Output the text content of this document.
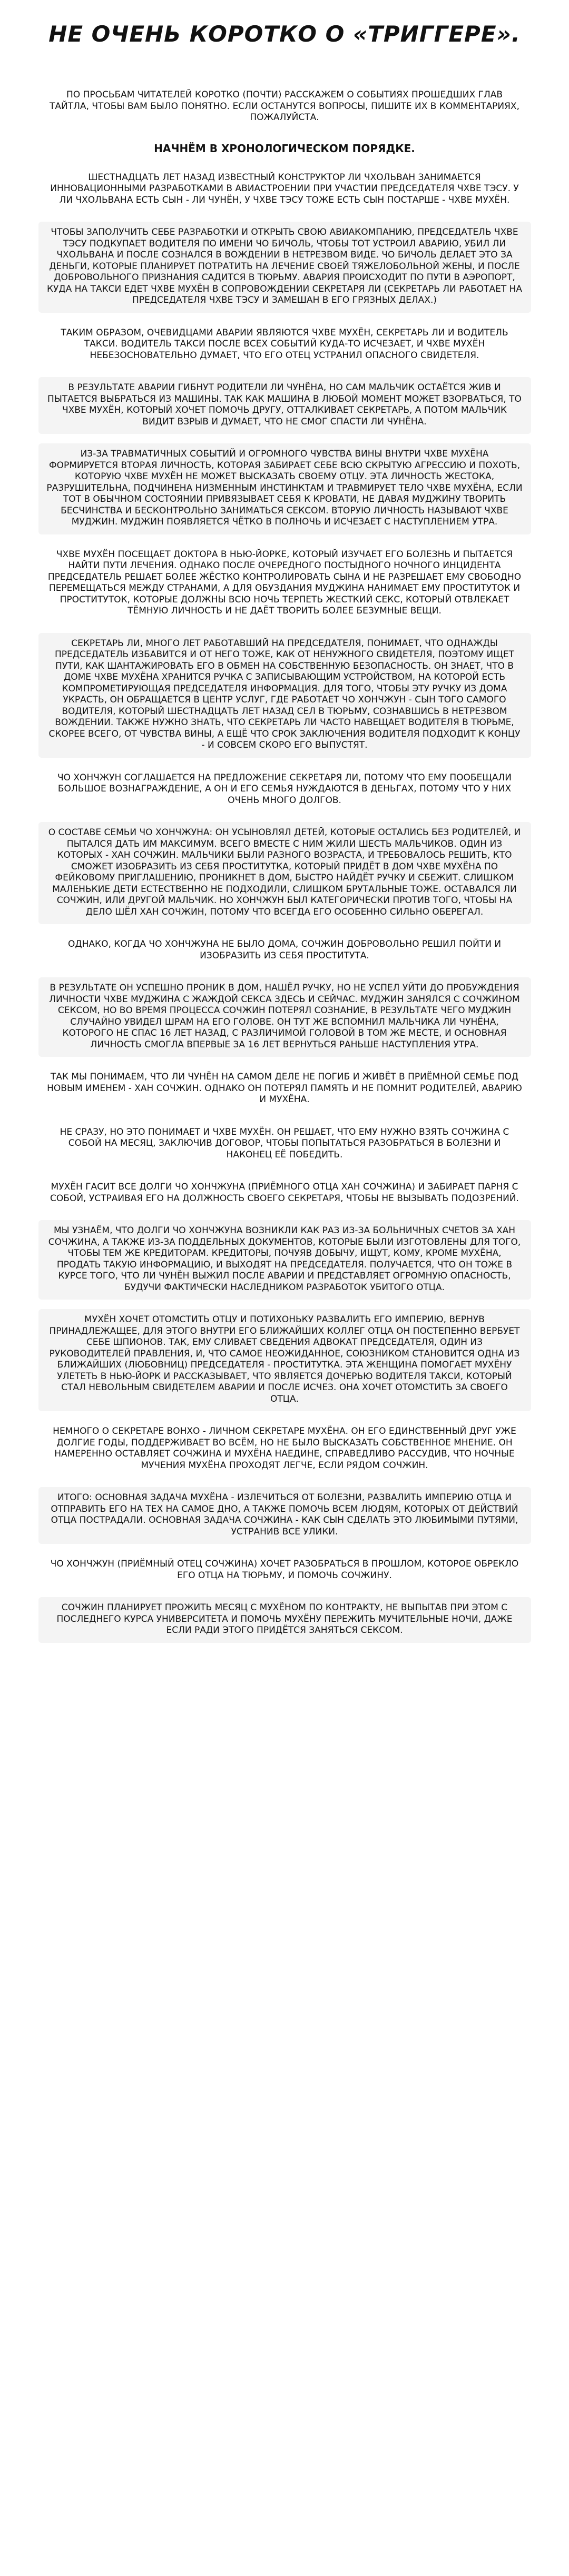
НЕ ОЧЕНЬ КОРОТКО О «ТРИГГЕРЕ».
ПО ПРОСЬБАМ ЧИТАТЕЛЕЙ КОРОТКО (ПОЧТИ) РАССКАЖЕМ О СОБЫТИЯХ ПРОШЕДШИХ ГЛАВ ТАЙТЛА, ЧТОБЫ ВАМ БЫЛО ПОНЯТНО. ЕСЛИ ОСТАНУТСЯ ВОПРОСЫ, ПИШИТЕ ИХ В КОММЕНТАРИЯХ, ПОЖАЛУЙСТА.
НАЧНЁМ В ХРОНОЛОГИЧЕСКОМ ПОРЯДКЕ.
ШЕСТНАДЦАТЬ ЛЕТ НАЗАД ИЗВЕСТНЫЙ КОНСТРУКТОР ЛИ ЧХОЛЬВАН ЗАНИМАЕТСЯ ИННОВАЦИОННЫМИ РАЗРАБОТКАМИ В АВИАСТРОЕНИИ ПРИ УЧАСТИИ ПРЕДСЕДАТЕЛЯ ЧХВЕ ТЭСУ. У ЛИ ЧХОЛЬВАНА ЕСТЬ СЫН - ЛИ ЧУНЁН, У ЧХВЕ ТЭСУ ТОЖЕ ЕСТЬ СЫН ПОСТАРШЕ - ЧХВЕ МУХЁН.
ЧТОБЫ ЗАПОЛУЧИТЬ СЕБЕ РАЗРАБОТКИ И ОТКРЫТЬ СВОЮ АВИАКОМПАНИЮ, ПРЕДСЕДАТЕЛЬ ЧХВЕ ТЭСУ ПОДКУПАЕТ ВОДИТЕЛЯ ПО ИМЕНИ ЧО БИЧОЛЬ, ЧТОБЫ ТОТ УСТРОИЛ АВАРИЮ, УБИЛ ЛИ ЧХОЛЬВАНА И ПОСЛЕ СОЗНАЛСЯ В ВОЖДЕНИИ В НЕТРЕЗВОМ ВИДЕ. ЧО БИЧОЛЬ ДЕЛАЕТ ЭТО ЗА ДЕНЬГИ, КОТОРЫЕ ПЛАНИРУЕТ ПОТРАТИТЬ НА ЛЕЧЕНИЕ СВОЕЙ ТЯЖЕЛОБОЛЬНОЙ ЖЕНЫ, И ПОСЛЕ ДОБРОВОЛЬНОГО ПРИЗНАНИЯ САДИТСЯ В ТЮРЬМУ. АВАРИЯ ПРОИСХОДИТ ПО ПУТИ В АЭРОПОРТ, КУДА НА ТАКСИ ЕДЕТ ЧХВЕ МУХЁН В СОПРОВОЖДЕНИИ СЕКРЕТАРЯ ЛИ (СЕКРЕТАРЬ ЛИ РАБОТАЕТ НА ПРЕДСЕДАТЕЛЯ ЧХВЕ ТЭСУ И ЗАМЕШАН В ЕГО ГРЯЗНЫХ ДЕЛАХ.)
ТАКИМ ОБРАЗОМ, ОЧЕВИДЦАМИ АВАРИИ ЯВЛЯЮТСЯ ЧХВЕ МУХЁН, СЕКРЕТАРЬ ЛИ И ВОДИТЕЛЬ ТАКСИ. ВОДИТЕЛЬ ТАКСИ ПОСЛЕ ВСЕХ СОБЫТИЙ КУДА-ТО ИСЧЕЗАЕТ, И ЧХВЕ МУХЁН НЕБЕЗОСНОВАТЕЛЬНО ДУМАЕТ, ЧТО ЕГО ОТЕЦ УСТРАНИЛ ОПАСНОГО СВИДЕТЕЛЯ.
В РЕЗУЛЬТАТЕ АВАРИИ ГИБНУТ РОДИТЕЛИ ЛИ ЧУНЁНА, НО САМ МАЛЬЧИК ОСТАЁТСЯ ЖИВ И ПЫТАЕТСЯ ВЫБРАТЬСЯ ИЗ МАШИНЫ. ТАК КАК МАШИНА В ЛЮБОЙ МОМЕНТ МОЖЕТ ВЗОРВАТЬСЯ, ТО ЧХВЕ МУХЁН, КОТОРЫЙ ХОЧЕТ ПОМОЧЬ ДРУГУ, ОТТАЛКИВАЕТ СЕКРЕТАРЬ, А ПОТОМ МАЛЬЧИК ВИДИТ ВЗРЫВ И ДУМАЕТ, ЧТО НЕ СМОГ СПАСТИ ЛИ ЧУНЁНА.
ИЗ-ЗА ТРАВМАТИЧНЫХ СОБЫТИЙ И ОГРОМНОГО ЧУВСТВА ВИНЫ ВНУТРИ ЧХВЕ МУХЁНА ФОРМИРУЕТСЯ ВТОРАЯ ЛИЧНОСТЬ, КОТОРАЯ ЗАБИРАЕТ СЕБЕ ВСЮ СКРЫТУЮ АГРЕССИЮ И ПОХОТЬ, КОТОРУЮ ЧХВЕ МУХЁН НЕ МОЖЕТ ВЫСКАЗАТЬ СВОЕМУ ОТЦУ. ЭТА ЛИЧНОСТЬ ЖЕСТОКА, РАЗРУШИТЕЛЬНА, ПОДЧИНЕНА НИЗМЕННЫМ ИНСТИНКТАМ И ТРАВМИРУЕТ ТЕЛО ЧХВЕ МУХЁНА, ЕСЛИ ТОТ В ОБЫЧНОМ СОСТОЯНИИ ПРИВЯЗЫВАЕТ СЕБЯ К КРОВАТИ, НЕ ДАВАЯ МУДЖИНУ ТВОРИТЬ БЕСЧИНСТВА И БЕСКОНТРОЛЬНО ЗАНИМАТЬСЯ СЕКСОМ. ВТОРУЮ ЛИЧНОСТЬ НАЗЫВАЮТ ЧХВЕ МУДЖИН. МУДЖИН ПОЯВЛЯЕТСЯ ЧЁТКО В ПОЛНОЧЬ И ИСЧЕЗАЕТ С НАСТУПЛЕНИЕМ УТРА.
ЧХВЕ МУХЁН ПОСЕЩАЕТ ДОКТОРА В НЬЮ-ЙОРКЕ, КОТОРЫЙ ИЗУЧАЕТ ЕГО БОЛЕЗНЬ И ПЫТАЕТСЯ НАЙТИ ПУТИ ЛЕЧЕНИЯ. ОДНАКО ПОСЛЕ ОЧЕРЕДНОГО ПОСТЫДНОГО НОЧНОГО ИНЦИДЕНТА ПРЕДСЕДАТЕЛЬ РЕШАЕТ БОЛЕЕ ЖЁСТКО КОНТРОЛИРОВАТЬ СЫНА И НЕ РАЗРЕШАЕТ ЕМУ СВОБОДНО ПЕРЕМЕЩАТЬСЯ МЕЖДУ СТРАНАМИ, А ДЛЯ ОБУЗДАНИЯ МУДЖИНА НАНИМАЕТ ЕМУ ПРОСТИТУТОК И ПРОСТИТУТОК, КОТОРЫЕ ДОЛЖНЫ ВСЮ НОЧЬ ТЕРПЕТЬ ЖЕСТКИЙ СЕКС, КОТОРЫЙ ОТВЛЕКАЕТ ТЁМНУЮ ЛИЧНОСТЬ И НЕ ДАЁТ ТВОРИТЬ БОЛЕЕ БЕЗУМНЫЕ ВЕЩИ.
СЕКРЕТАРЬ ЛИ, МНОГО ЛЕТ РАБОТАВШИЙ НА ПРЕДСЕДАТЕЛЯ, ПОНИМАЕТ, ЧТО ОДНАЖДЫ ПРЕДСЕДАТЕЛЬ ИЗБАВИТСЯ И ОТ НЕГО ТОЖЕ, КАК ОТ НЕНУЖНОГО СВИДЕТЕЛЯ, ПОЭТОМУ ИЩЕТ ПУТИ, КАК ШАНТАЖИРОВАТЬ ЕГО В ОБМЕН НА СОБСТВЕННУЮ БЕЗОПАСНОСТЬ. ОН ЗНАЕТ, ЧТО В ДОМЕ ЧХВЕ МУХЁНА ХРАНИТСЯ РУЧКА С ЗАПИСЫВАЮЩИМ УСТРОЙСТВОМ, НА КОТОРОЙ ЕСТЬ КОМПРОМЕТИРУЮЩАЯ ПРЕДСЕДАТЕЛЯ ИНФОРМАЦИЯ. ДЛЯ ТОГО, ЧТОБЫ ЭТУ РУЧКУ ИЗ ДОМА УКРАСТЬ, ОН ОБРАЩАЕТСЯ В ЦЕНТР УСЛУГ, ГДЕ РАБОТАЕТ ЧО ХОНЧЖУН - СЫН ТОГО САМОГО ВОДИТЕЛЯ, КОТОРЫЙ ШЕСТНАДЦАТЬ ЛЕТ НАЗАД СЕЛ В ТЮРЬМУ, СОЗНАВШИСЬ В НЕТРЕЗВОМ ВОЖДЕНИИ. ТАКЖЕ НУЖНО ЗНАТЬ, ЧТО СЕКРЕТАРЬ ЛИ ЧАСТО НАВЕЩАЕТ ВОДИТЕЛЯ В ТЮРЬМЕ, СКОРЕЕ ВСЕГО, ОТ ЧУВСТВА ВИНЫ, А ЕЩЁ ЧТО СРОК ЗАКЛЮЧЕНИЯ ВОДИТЕЛЯ ПОДХОДИТ К КОНЦУ - И СОВСЕМ СКОРО ЕГО ВЫПУСТЯТ.
ЧО ХОНЧЖУН СОГЛАШАЕТСЯ НА ПРЕДЛОЖЕНИЕ СЕКРЕТАРЯ ЛИ, ПОТОМУ ЧТО ЕМУ ПООБЕЩАЛИ БОЛЬШОЕ ВОЗНАГРАЖДЕНИЕ, А ОН И ЕГО СЕМЬЯ НУЖДАЮТСЯ В ДЕНЬГАХ, ПОТОМУ ЧТО У НИХ ОЧЕНЬ МНОГО ДОЛГОВ.
О СОСТАВЕ СЕМЬИ ЧО ХОНЧЖУНА: ОН УСЫНОВЛЯЛ ДЕТЕЙ, КОТОРЫЕ ОСТАЛИСЬ БЕЗ РОДИТЕЛЕЙ, И ПЫТАЛСЯ ДАТЬ ИМ МАКСИМУМ. ВСЕГО ВМЕСТЕ С НИМ ЖИЛИ ШЕСТЬ МАЛЬЧИКОВ. ОДИН ИЗ КОТОРЫХ - ХАН СОЧЖИН. МАЛЬЧИКИ БЫЛИ РАЗНОГО ВОЗРАСТА, И ТРЕБОВАЛОСЬ РЕШИТЬ, КТО СМОЖЕТ ИЗОБРАЗИТЬ ИЗ СЕБЯ ПРОСТИТУТКА, КОТОРЫЙ ПРИДЁТ В ДОМ ЧХВЕ МУХЁНА ПО ФЕЙКОВОМУ ПРИГЛАШЕНИЮ, ПРОНИКНЕТ В ДОМ, БЫСТРО НАЙДЁТ РУЧКУ И СБЕЖИТ. СЛИШКОМ МАЛЕНЬКИЕ ДЕТИ ЕСТЕСТВЕННО НЕ ПОДХОДИЛИ, СЛИШКОМ БРУТАЛЬНЫЕ ТОЖЕ. ОСТАВАЛСЯ ЛИ СОЧЖИН, ИЛИ ДРУГОЙ МАЛЬЧИК. НО ХОНЧЖУН БЫЛ КАТЕГОРИЧЕСКИ ПРОТИВ ТОГО, ЧТОБЫ НА ДЕЛО ШЁЛ ХАН СОЧЖИН, ПОТОМУ ЧТО ВСЕГДА ЕГО ОСОБЕННО СИЛЬНО ОБЕРЕГАЛ.
ОДНАКО, КОГДА ЧО ХОНЧЖУНА НЕ БЫЛО ДОМА, СОЧЖИН ДОБРОВОЛЬНО РЕШИЛ ПОЙТИ И ИЗОБРАЗИТЬ ИЗ СЕБЯ ПРОСТИТУТА.
В РЕЗУЛЬТАТЕ ОН УСПЕШНО ПРОНИК В ДОМ, НАШЁЛ РУЧКУ, НО НЕ УСПЕЛ УЙТИ ДО ПРОБУЖДЕНИЯ ЛИЧНОСТИ ЧХВЕ МУДЖИНА С ЖАЖДОЙ СЕКСА ЗДЕСЬ И СЕЙЧАС. МУДЖИН ЗАНЯЛСЯ С СОЧЖИНОМ СЕКСОМ, НО ВО ВРЕМЯ ПРОЦЕССА СОЧЖИН ПОТЕРЯЛ СОЗНАНИЕ, В РЕЗУЛЬТАТЕ ЧЕГО МУДЖИН СЛУЧАЙНО УВИДЕЛ ШРАМ НА ЕГО ГОЛОВЕ. ОН ТУТ ЖЕ ВСПОМНИЛ МАЛЬЧИКА ЛИ ЧУНЁНА, КОТОРОГО НЕ СПАС 16 ЛЕТ НАЗАД, С РАЗЛИЧИМОЙ ГОЛОВОЙ В ТОМ ЖЕ МЕСТЕ, И ОСНОВНАЯ ЛИЧНОСТЬ СМОГЛА ВПЕРВЫЕ ЗА 16 ЛЕТ ВЕРНУТЬСЯ РАНЬШЕ НАСТУПЛЕНИЯ УТРА.
ТАК МЫ ПОНИМАЕМ, ЧТО ЛИ ЧУНЁН НА САМОМ ДЕЛЕ НЕ ПОГИБ И ЖИВЁТ В ПРИЁМНОЙ СЕМЬЕ ПОД НОВЫМ ИМЕНЕМ - ХАН СОЧЖИН. ОДНАКО ОН ПОТЕРЯЛ ПАМЯТЬ И НЕ ПОМНИТ РОДИТЕЛЕЙ, АВАРИЮ И МУХЁНА.
НЕ СРАЗУ, НО ЭТО ПОНИМАЕТ И ЧХВЕ МУХЁН. ОН РЕШАЕТ, ЧТО ЕМУ НУЖНО ВЗЯТЬ СОЧЖИНА С СОБОЙ НА МЕСЯЦ, ЗАКЛЮЧИВ ДОГОВОР, ЧТОБЫ ПОПЫТАТЬСЯ РАЗОБРАТЬСЯ В БОЛЕЗНИ И НАКОНЕЦ ЕЁ ПОБЕДИТЬ.
МУХЁН ГАСИТ ВСЕ ДОЛГИ ЧО ХОНЧЖУНА (ПРИЁМНОГО ОТЦА ХАН СОЧЖИНА) И ЗАБИРАЕТ ПАРНЯ С СОБОЙ, УСТРАИВАЯ ЕГО НА ДОЛЖНОСТЬ СВОЕГО СЕКРЕТАРЯ, ЧТОБЫ НЕ ВЫЗЫВАТЬ ПОДОЗРЕНИЙ.
МЫ УЗНАЁМ, ЧТО ДОЛГИ ЧО ХОНЧЖУНА ВОЗНИКЛИ КАК РАЗ ИЗ-ЗА БОЛЬНИЧНЫХ СЧЕТОВ ЗА ХАН СОЧЖИНА, А ТАКЖЕ ИЗ-ЗА ПОДДЕЛЬНЫХ ДОКУМЕНТОВ, КОТОРЫЕ БЫЛИ ИЗГОТОВЛЕНЫ ДЛЯ ТОГО, ЧТОБЫ ТЕМ ЖЕ КРЕДИТОРАМ. КРЕДИТОРЫ, ПОЧУЯВ ДОБЫЧУ, ИЩУТ, КОМУ, КРОМЕ МУХЁНА, ПРОДАТЬ ТАКУЮ ИНФОРМАЦИЮ, И ВЫХОДЯТ НА ПРЕДСЕДАТЕЛЯ. ПОЛУЧАЕТСЯ, ЧТО ОН ТОЖЕ В КУРСЕ ТОГО, ЧТО ЛИ ЧУНЁН ВЫЖИЛ ПОСЛЕ АВАРИИ И ПРЕДСТАВЛЯЕТ ОГРОМНУЮ ОПАСНОСТЬ, БУДУЧИ ФАКТИЧЕСКИ НАСЛЕДНИКОМ РАЗРАБОТОК УБИТОГО ОТЦА.
МУХЁН ХОЧЕТ ОТОМСТИТЬ ОТЦУ И ПОТИХОНЬКУ РАЗВАЛИТЬ ЕГО ИМПЕРИЮ, ВЕРНУВ ПРИНАДЛЕЖАЩЕЕ, ДЛЯ ЭТОГО ВНУТРИ ЕГО БЛИЖАЙШИХ КОЛЛЕГ ОТЦА ОН ПОСТЕПЕННО ВЕРБУЕТ СЕБЕ ШПИОНОВ. ТАК, ЕМУ СЛИВАЕТ СВЕДЕНИЯ АДВОКАТ ПРЕДСЕДАТЕЛЯ, ОДИН ИЗ РУКОВОДИТЕЛЕЙ ПРАВЛЕНИЯ, И, ЧТО САМОЕ НЕОЖИДАННОЕ, СОЮЗНИКОМ СТАНОВИТСЯ ОДНА ИЗ БЛИЖАЙШИХ (ЛЮБОВНИЦ) ПРЕДСЕДАТЕЛЯ - ПРОСТИТУТКА. ЭТА ЖЕНЩИНА ПОМОГАЕТ МУХЁНУ УЛЕТЕТЬ В НЬЮ-ЙОРК И РАССКАЗЫВАЕТ, ЧТО ЯВЛЯЕТСЯ ДОЧЕРЬЮ ВОДИТЕЛЯ ТАКСИ, КОТОРЫЙ СТАЛ НЕВОЛЬНЫМ СВИДЕТЕЛЕМ АВАРИИ И ПОСЛЕ ИСЧЕЗ. ОНА ХОЧЕТ ОТОМСТИТЬ ЗА СВОЕГО ОТЦА.
НЕМНОГО О СЕКРЕТАРЕ ВОНХО - ЛИЧНОМ СЕКРЕТАРЕ МУХЁНА. ОН ЕГО ЕДИНСТВЕННЫЙ ДРУГ УЖЕ ДОЛГИЕ ГОДЫ, ПОДДЕРЖИВАЕТ ВО ВСЁМ, НО НЕ БЫЛО ВЫСКАЗАТЬ СОБСТВЕННОЕ МНЕНИЕ. ОН НАМЕРЕННО ОСТАВЛЯЕТ СОЧЖИНА И МУХЁНА НАЕДИНЕ, СПРАВЕДЛИВО РАССУДИВ, ЧТО НОЧНЫЕ МУЧЕНИЯ МУХЁНА ПРОХОДЯТ ЛЕГЧЕ, ЕСЛИ РЯДОМ СОЧЖИН.
ИТОГО: ОСНОВНАЯ ЗАДАЧА МУХЁНА - ИЗЛЕЧИТЬСЯ ОТ БОЛЕЗНИ, РАЗВАЛИТЬ ИМПЕРИЮ ОТЦА И ОТПРАВИТЬ ЕГО НА ТЕХ НА САМОЕ ДНО, А ТАКЖЕ ПОМОЧЬ ВСЕМ ЛЮДЯМ, КОТОРЫХ ОТ ДЕЙСТВИЙ ОТЦА ПОСТРАДАЛИ. ОСНОВНАЯ ЗАДАЧА СОЧЖИНА - КАК СЫН СДЕЛАТЬ ЭТО ЛЮБИМЫМИ ПУТЯМИ, УСТРАНИВ ВСЕ УЛИКИ.
ЧО ХОНЧЖУН (ПРИЁМНЫЙ ОТЕЦ СОЧЖИНА) ХОЧЕТ РАЗОБРАТЬСЯ В ПРОШЛОМ, КОТОРОЕ ОБРЕКЛО ЕГО ОТЦА НА ТЮРЬМУ, И ПОМОЧЬ СОЧЖИНУ.
СОЧЖИН ПЛАНИРУЕТ ПРОЖИТЬ МЕСЯЦ С МУХЁНОМ ПО КОНТРАКТУ, НЕ ВЫПЫТАВ ПРИ ЭТОМ С ПОСЛЕДНЕГО КУРСА УНИВЕРСИТЕТА И ПОМОЧЬ МУХЁНУ ПЕРЕЖИТЬ МУЧИТЕЛЬНЫЕ НОЧИ, ДАЖЕ ЕСЛИ РАДИ ЭТОГО ПРИДЁТСЯ ЗАНЯТЬСЯ СЕКСОМ.
